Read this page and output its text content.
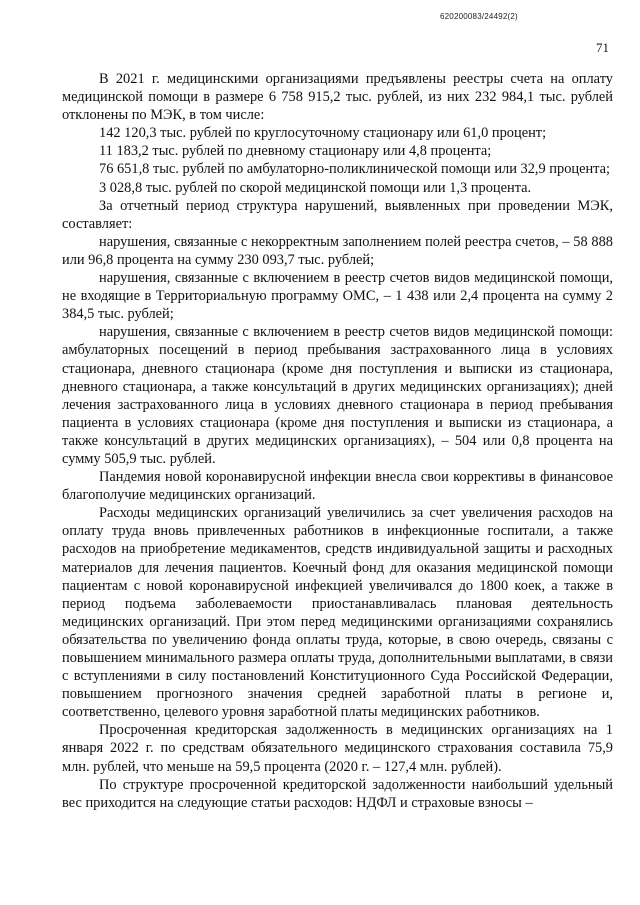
620200083/24492(2)
71

В 2021 г. медицинскими организациями предъявлены реестры счета на оплату медицинской помощи в размере 6 758 915,2 тыс. рублей, из них 232 984,1 тыс. рублей отклонены по МЭК, в том числе:

142 120,3 тыс. рублей по круглосуточному стационару или 61,0 процент;

11 183,2 тыс. рублей по дневному стационару или 4,8 процента;

76 651,8 тыс. рублей по амбулаторно-поликлинической помощи или 32,9 процента;

3 028,8 тыс. рублей по скорой медицинской помощи или 1,3 процента.

За отчетный период структура нарушений, выявленных при проведении МЭК, составляет:

нарушения, связанные с некорректным заполнением полей реестра счетов, – 58 888 или 96,8 процента на сумму 230 093,7 тыс. рублей;

нарушения, связанные с включением в реестр счетов видов медицинской помощи, не входящие в Территориальную программу ОМС, – 1 438 или 2,4 процента на сумму 2 384,5 тыс. рублей;

нарушения, связанные с включением в реестр счетов видов медицинской помощи: амбулаторных посещений в период пребывания застрахованного лица в условиях стационара, дневного стационара (кроме дня поступления и выписки из стационара, дневного стационара, а также консультаций в других медицинских организациях); дней лечения застрахованного лица в условиях дневного стационара в период пребывания пациента в условиях стационара (кроме дня поступления и выписки из стационара, а также консультаций в других медицинских организациях), – 504 или 0,8 процента на сумму 505,9 тыс. рублей.

Пандемия новой коронавирусной инфекции внесла свои коррективы в финансовое благополучие медицинских организаций.

Расходы медицинских организаций увеличились за счет увеличения расходов на оплату труда вновь привлеченных работников в инфекционные госпитали, а также расходов на приобретение медикаментов, средств индивидуальной защиты и расходных материалов для лечения пациентов. Коечный фонд для оказания медицинской помощи пациентам с новой коронавирусной инфекцией увеличивался до 1800 коек, а также в период подъема заболеваемости приостанавливалась плановая деятельность медицинских организаций. При этом перед медицинскими организациями сохранялись обязательства по увеличению фонда оплаты труда, которые, в свою очередь, связаны с повышением минимального размера оплаты труда, дополнительными выплатами, в связи с вступлениями в силу постановлений Конституционного Суда Российской Федерации, повышением прогнозного значения средней заработной платы в регионе и, соответственно, целевого уровня заработной платы медицинских работников.

Просроченная кредиторская задолженность в медицинских организациях на 1 января 2022 г. по средствам обязательного медицинского страхования составила 75,9 млн. рублей, что меньше на 59,5 процента (2020 г. – 127,4 млн. рублей).

По структуре просроченной кредиторской задолженности наибольший удельный вес приходится на следующие статьи расходов: НДФЛ и страховые взносы –
